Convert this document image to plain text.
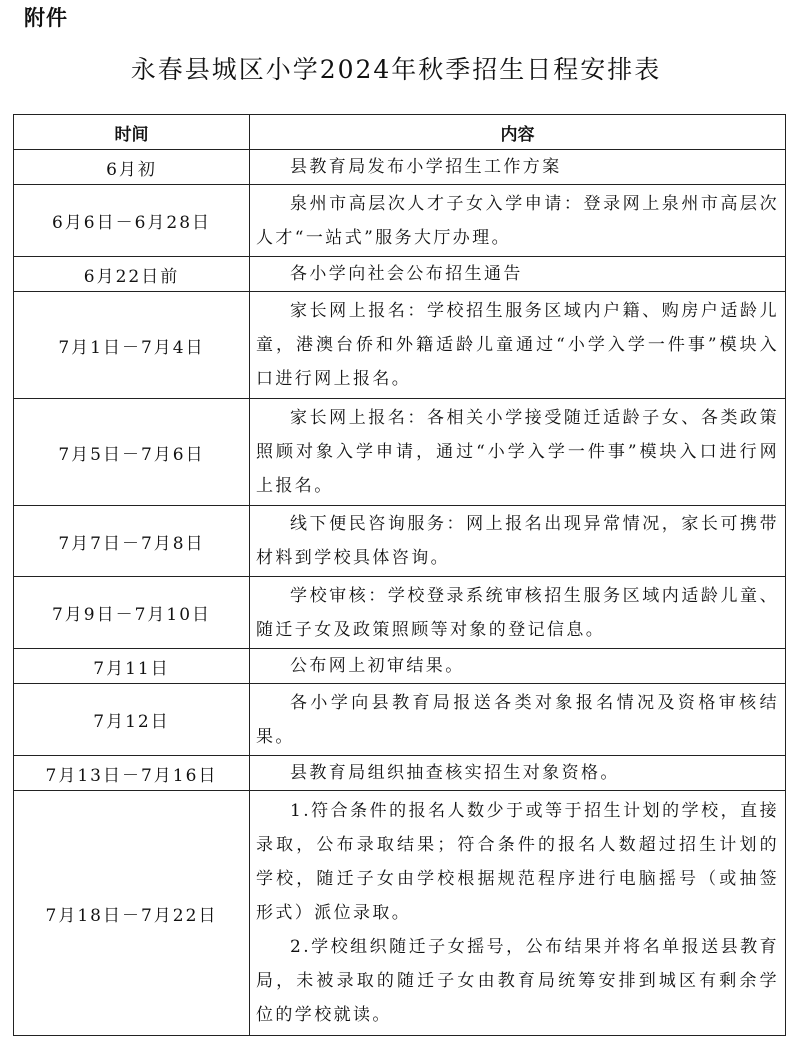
附件
永春县城区小学2024年秋季招生日程安排表
时间	内容
6月初	县教育局发布小学招生工作方案

6月6日－6月28日	泉州市高层次人才子女入学申请：登录网上泉州市高层次人才“一站式”服务大厅办理。

6月22日前	各小学向社会公布招生通告

7月1日－7月4日	家长网上报名：学校招生服务区域内户籍、购房户适龄儿童，港澳台侨和外籍适龄儿童通过“小学入学一件事”模块入口进行网上报名。

7月5日－7月6日	家长网上报名：各相关小学接受随迁适龄子女、各类政策照顾对象入学申请，通过“小学入学一件事”模块入口进行网上报名。

7月7日－7月8日	线下便民咨询服务：网上报名出现异常情况，家长可携带材料到学校具体咨询。

7月9日－7月10日	学校审核：学校登录系统审核招生服务区域内适龄儿童、随迁子女及政策照顾等对象的登记信息。

7月11日	公布网上初审结果。

7月12日	各小学向县教育局报送各类对象报名情况及资格审核结果。

7月13日－7月16日	县教育局组织抽查核实招生对象资格。

7月18日－7月22日	1.符合条件的报名人数少于或等于招生计划的学校，直接录取，公布录取结果；符合条件的报名人数超过招生计划的学校，随迁子女由学校根据规范程序进行电脑摇号（或抽签形式）派位录取。

2.学校组织随迁子女摇号，公布结果并将名单报送县教育局，未被录取的随迁子女由教育局统筹安排到城区有剩余学位的学校就读。
